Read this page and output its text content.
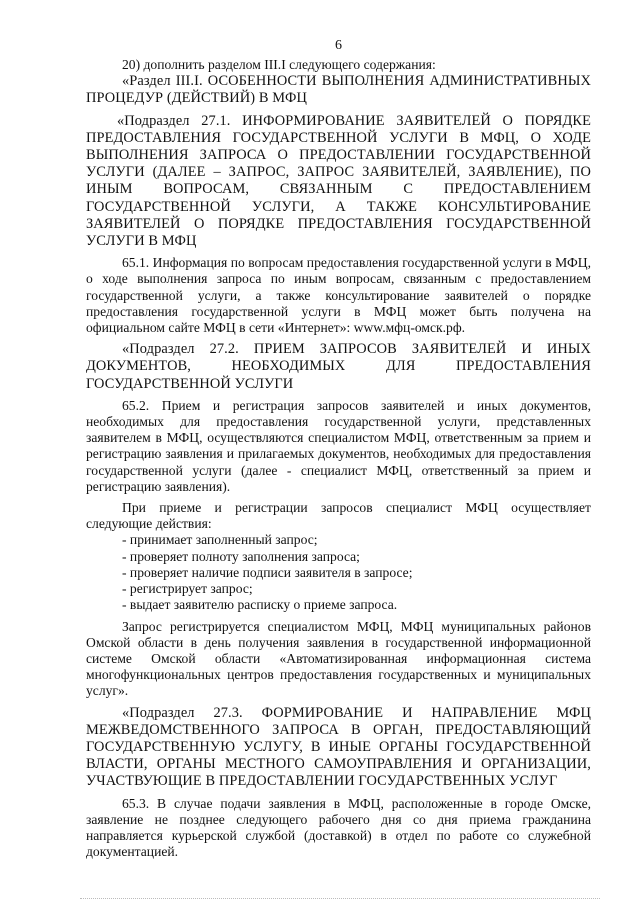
6

20) дополнить разделом III.I следующего содержания:

«Раздел III.I. ОСОБЕННОСТИ ВЫПОЛНЕНИЯ АДМИНИСТРАТИВНЫХ ПРОЦЕДУР (ДЕЙСТВИЙ) В МФЦ

«Подраздел 27.1. ИНФОРМИРОВАНИЕ ЗАЯВИТЕЛЕЙ О ПОРЯДКЕ ПРЕДОСТАВЛЕНИЯ ГОСУДАРСТВЕННОЙ УСЛУГИ В МФЦ, О ХОДЕ ВЫПОЛНЕНИЯ ЗАПРОСА О ПРЕДОСТАВЛЕНИИ ГОСУДАРСТВЕННОЙ УСЛУГИ (ДАЛЕЕ – ЗАПРОС, ЗАПРОС ЗАЯВИТЕЛЕЙ, ЗАЯВЛЕНИЕ), ПО ИНЫМ ВОПРОСАМ, СВЯЗАННЫМ С ПРЕДОСТАВЛЕНИЕМ ГОСУДАРСТВЕННОЙ УСЛУГИ, А ТАКЖЕ КОНСУЛЬТИРОВАНИЕ ЗАЯВИТЕЛЕЙ О ПОРЯДКЕ ПРЕДОСТАВЛЕНИЯ ГОСУДАРСТВЕННОЙ УСЛУГИ В МФЦ

65.1. Информация по вопросам предоставления государственной услуги в МФЦ, о ходе выполнения запроса по иным вопросам, связанным с предоставлением государственной услуги, а также консультирование заявителей о порядке предоставления государственной услуги в МФЦ может быть получена на официальном сайте МФЦ в сети «Интернет»: www.мфц-омск.рф.

«Подраздел 27.2. ПРИЕМ ЗАПРОСОВ ЗАЯВИТЕЛЕЙ И ИНЫХ ДОКУМЕНТОВ, НЕОБХОДИМЫХ ДЛЯ ПРЕДОСТАВЛЕНИЯ ГОСУДАРСТВЕННОЙ УСЛУГИ

65.2. Прием и регистрация запросов заявителей и иных документов, необходимых для предоставления государственной услуги, представленных заявителем в МФЦ, осуществляются специалистом МФЦ, ответственным за прием и регистрацию заявления и прилагаемых документов, необходимых для предоставления государственной услуги (далее - специалист МФЦ, ответственный за прием и регистрацию заявления).

При приеме и регистрации запросов специалист МФЦ осуществляет следующие действия:

- принимает заполненный запрос;
- проверяет полноту заполнения запроса;
- проверяет наличие подписи заявителя в запросе;
- регистрирует запрос;
- выдает заявителю расписку о приеме запроса.

Запрос регистрируется специалистом МФЦ, МФЦ муниципальных районов Омской области в день получения заявления в государственной информационной системе Омской области «Автоматизированная информационная система многофункциональных центров предоставления государственных и муниципальных услуг».

«Подраздел 27.3. ФОРМИРОВАНИЕ И НАПРАВЛЕНИЕ МФЦ МЕЖВЕДОМСТВЕННОГО ЗАПРОСА В ОРГАН, ПРЕДОСТАВЛЯЮЩИЙ ГОСУДАРСТВЕННУЮ УСЛУГУ, В ИНЫЕ ОРГАНЫ ГОСУДАРСТВЕННОЙ ВЛАСТИ, ОРГАНЫ МЕСТНОГО САМОУПРАВЛЕНИЯ И ОРГАНИЗАЦИИ, УЧАСТВУЮЩИЕ В ПРЕДОСТАВЛЕНИИ ГОСУДАРСТВЕННЫХ УСЛУГ

65.3. В случае подачи заявления в МФЦ, расположенные в городе Омске, заявление не позднее следующего рабочего дня со дня приема гражданина направляется курьерской службой (доставкой) в отдел по работе со служебной документацией.
